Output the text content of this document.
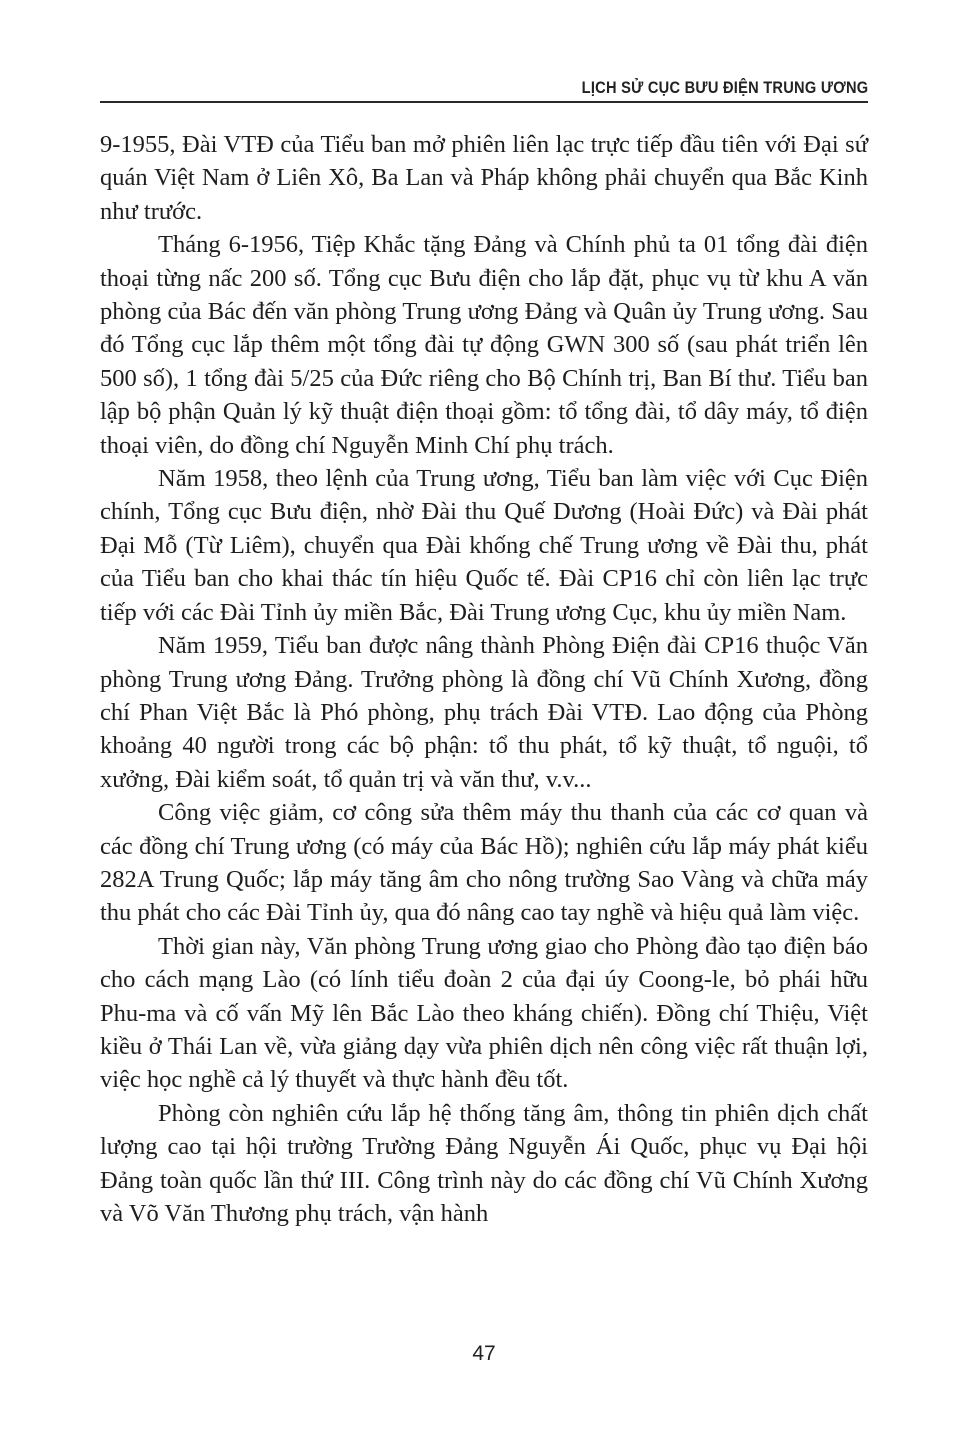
LỊCH SỬ CỤC BƯU ĐIỆN TRUNG ƯƠNG

9-1955, Đài VTĐ của Tiểu ban mở phiên liên lạc trực tiếp đầu tiên với Đại sứ quán Việt Nam ở Liên Xô, Ba Lan và Pháp không phải chuyển qua Bắc Kinh như trước.

Tháng 6-1956, Tiệp Khắc tặng Đảng và Chính phủ ta 01 tổng đài điện thoại từng nấc 200 số. Tổng cục Bưu điện cho lắp đặt, phục vụ từ khu A văn phòng của Bác đến văn phòng Trung ương Đảng và Quân ủy Trung ương. Sau đó Tổng cục lắp thêm một tổng đài tự động GWN 300 số (sau phát triển lên 500 số), 1 tổng đài 5/25 của Đức riêng cho Bộ Chính trị, Ban Bí thư. Tiểu ban lập bộ phận Quản lý kỹ thuật điện thoại gồm: tổ tổng đài, tổ dây máy, tổ điện thoại viên, do đồng chí Nguyễn Minh Chí phụ trách.

Năm 1958, theo lệnh của Trung ương, Tiểu ban làm việc với Cục Điện chính, Tổng cục Bưu điện, nhờ Đài thu Quế Dương (Hoài Đức) và Đài phát Đại Mỗ (Từ Liêm), chuyển qua Đài khống chế Trung ương về Đài thu, phát của Tiểu ban cho khai thác tín hiệu Quốc tế. Đài CP16 chỉ còn liên lạc trực tiếp với các Đài Tỉnh ủy miền Bắc, Đài Trung ương Cục, khu ủy miền Nam.

Năm 1959, Tiểu ban được nâng thành Phòng Điện đài CP16 thuộc Văn phòng Trung ương Đảng. Trưởng phòng là đồng chí Vũ Chính Xương, đồng chí Phan Việt Bắc là Phó phòng, phụ trách Đài VTĐ. Lao động của Phòng khoảng 40 người trong các bộ phận: tổ thu phát, tổ kỹ thuật, tổ nguội, tổ xưởng, Đài kiểm soát, tổ quản trị và văn thư, v.v...

Công việc giảm, cơ công sửa thêm máy thu thanh của các cơ quan và các đồng chí Trung ương (có máy của Bác Hồ); nghiên cứu lắp máy phát kiểu 282A Trung Quốc; lắp máy tăng âm cho nông trường Sao Vàng và chữa máy thu phát cho các Đài Tỉnh ủy, qua đó nâng cao tay nghề và hiệu quả làm việc.

Thời gian này, Văn phòng Trung ương giao cho Phòng đào tạo điện báo cho cách mạng Lào (có lính tiểu đoàn 2 của đại úy Coong-le, bỏ phái hữu Phu-ma và cố vấn Mỹ lên Bắc Lào theo kháng chiến). Đồng chí Thiệu, Việt kiều ở Thái Lan về, vừa giảng dạy vừa phiên dịch nên công việc rất thuận lợi, việc học nghề cả lý thuyết và thực hành đều tốt.

Phòng còn nghiên cứu lắp hệ thống tăng âm, thông tin phiên dịch chất lượng cao tại hội trường Trường Đảng Nguyễn Ái Quốc, phục vụ Đại hội Đảng toàn quốc lần thứ III. Công trình này do các đồng chí Vũ Chính Xương và Võ Văn Thương phụ trách, vận hành

47
